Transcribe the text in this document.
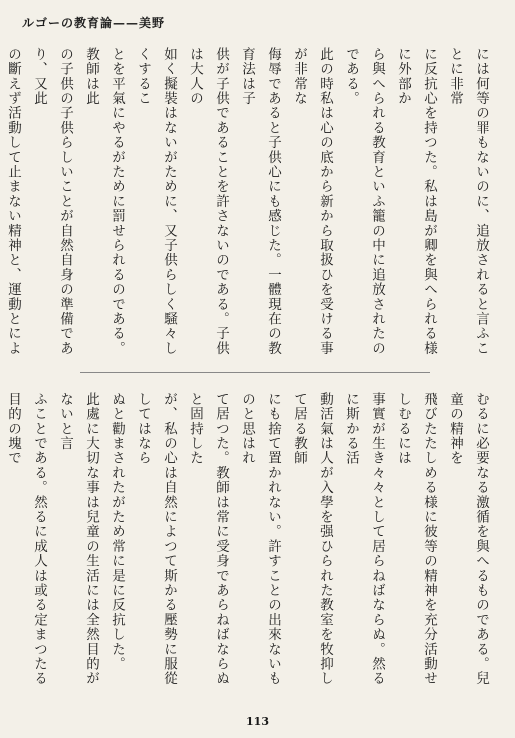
ルゴーの教育論——美野

には何等の罪もないのに、追放されると言ふことに非常

に反抗心を持つた。私は島が卿を與へられる様に外部か

ら與へられる教育といふ籠の中に追放されたのである。

此の時私は心の底から新から取扱ひを受ける事が非常な

侮辱であると子供心にも感じた。一體現在の教育法は子

供が子供であることを許さないのである。子供は大人の

如く擬裝はないがために、又子供らしく騒々しくするこ

とを平氣にやるがために罰せられるのである。教師は此

の子供の子供らしいことが自然自身の準備であり、又此

の斷えず活動して止まない精神と、運動とによ

むるに必要なる激循を與へるものである。兒童の精神を

飛びたたしめる様に彼等の精神を充分活動せしむるには

事實が生き々々として居らねばならぬ。然るに斯かる活

動活氣は人が入學を强ひられた教室を牧抑して居る教師

にも捨て置かれない。許すことの出來ないものと思はれ

て居つた。教師は常に受身であらねばならぬと固持した

が、私の心は自然によつて斯かる壓勢に服從してはなら

ぬと勸まされたがため常に是に反抗した。

此處に大切な事は兒童の生活には全然目的がないと言

ふことである。然るに成人は或る定まつたる目的の塊で

113
